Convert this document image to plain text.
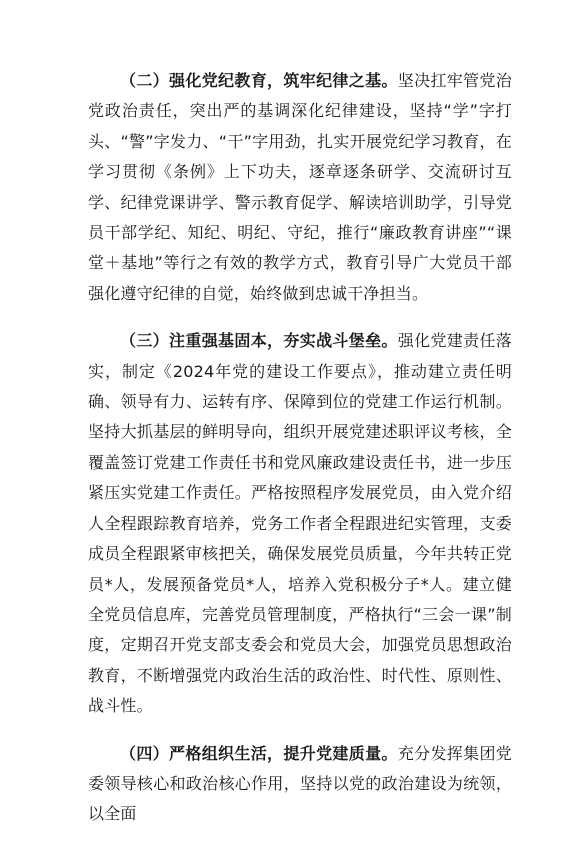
（二）强化党纪教育，筑牢纪律之基。坚决扛牢管党治党政治责任，突出严的基调深化纪律建设，坚持“学”字打头、“警”字发力、“干”字用劲，扎实开展党纪学习教育，在学习贯彻《条例》上下功夫，逐章逐条研学、交流研讨互学、纪律党课讲学、警示教育促学、解读培训助学，引导党员干部学纪、知纪、明纪、守纪，推行“廉政教育讲座”“课堂＋基地”等行之有效的教学方式，教育引导广大党员干部强化遵守纪律的自觉，始终做到忠诚干净担当。

（三）注重强基固本，夯实战斗堡垒。强化党建责任落实，制定《2024年党的建设工作要点》，推动建立责任明确、领导有力、运转有序、保障到位的党建工作运行机制。坚持大抓基层的鲜明导向，组织开展党建述职评议考核，全覆盖签订党建工作责任书和党风廉政建设责任书，进一步压紧压实党建工作责任。严格按照程序发展党员，由入党介绍人全程跟踪教育培养，党务工作者全程跟进纪实管理，支委成员全程跟紧审核把关，确保发展党员质量，今年共转正党员*人，发展预备党员*人，培养入党积极分子*人。建立健全党员信息库，完善党员管理制度，严格执行“三会一课”制度，定期召开党支部支委会和党员大会，加强党员思想政治教育，不断增强党内政治生活的政治性、时代性、原则性、战斗性。

（四）严格组织生活，提升党建质量。充分发挥集团党委领导核心和政治核心作用，坚持以党的政治建设为统领，以全面
